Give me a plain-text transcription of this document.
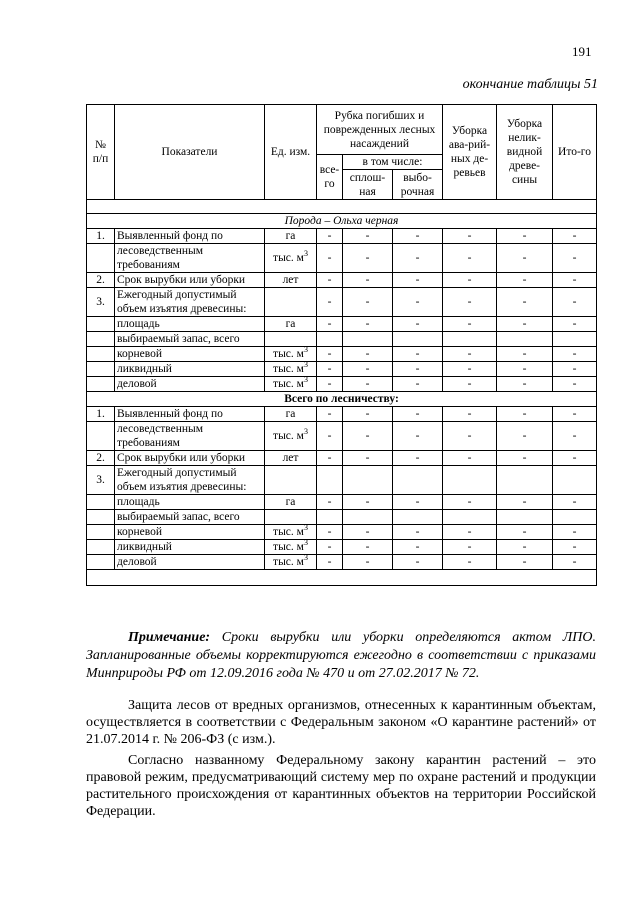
191
окончание таблицы 51
№ п/п	Показатели	Ед. изм.	Рубка погибших и поврежденных лесных насаждений			Уборка ава-рий-ных де-ревьев	Уборка нелик-видной древе-сины	Ито-го
			все-го	в том числе:				
				сплош-ная	выбо-рочная			

Порода – Ольха черная								
1.	Выявленный фонд по	га	-	-	-	-	-	-
	лесоведственным требованиям	тыс. $м^3$	-	-	-	-	-	-
2.	Срок вырубки или уборки	лет	-	-	-	-	-	-
3.	Ежегодный допустимый объем изъятия древесины:		-	-	-	-	-	-
	площадь	га	-	-	-	-	-	-
	выбираемый запас, всего							
	корневой	тыс. $м^3$	-	-	-	-	-	-
	ликвидный	тыс. $м^3$	-	-	-	-	-	-
	деловой	тыс. $м^3$	-	-	-	-	-	-
Всего по лесничеству:								
1.	Выявленный фонд по	га	-	-	-	-	-	-
	лесоведственным требованиям	тыс. $м^3$	-	-	-	-	-	-
2.	Срок вырубки или уборки	лет	-	-	-	-	-	-
3.	Ежегодный допустимый объем изъятия древесины:							
	площадь	га	-	-	-	-	-	-
	выбираемый запас, всего							
	корневой	тыс. $м^3$	-	-	-	-	-	-
	ликвидный	тыс. $м^3$	-	-	-	-	-	-
	деловой	тыс. $м^3$	-	-	-	-	-	-

Примечание: Сроки вырубки или уборки определяются актом ЛПО. Запланированные объемы корректируются ежегодно в соответствии с приказами Минприроды РФ от 12.09.2016 года № 470 и от 27.02.2017 № 72.
Защита лесов от вредных организмов, отнесенных к карантинным объектам, осуществляется в соответствии с Федеральным законом «О карантине растений» от 21.07.2014 г. № 206-ФЗ (с изм.).
Согласно названному Федеральному закону карантин растений – это правовой режим, предусматривающий систему мер по охране растений и продукции растительного происхождения от карантинных объектов на территории Российской Федерации.
